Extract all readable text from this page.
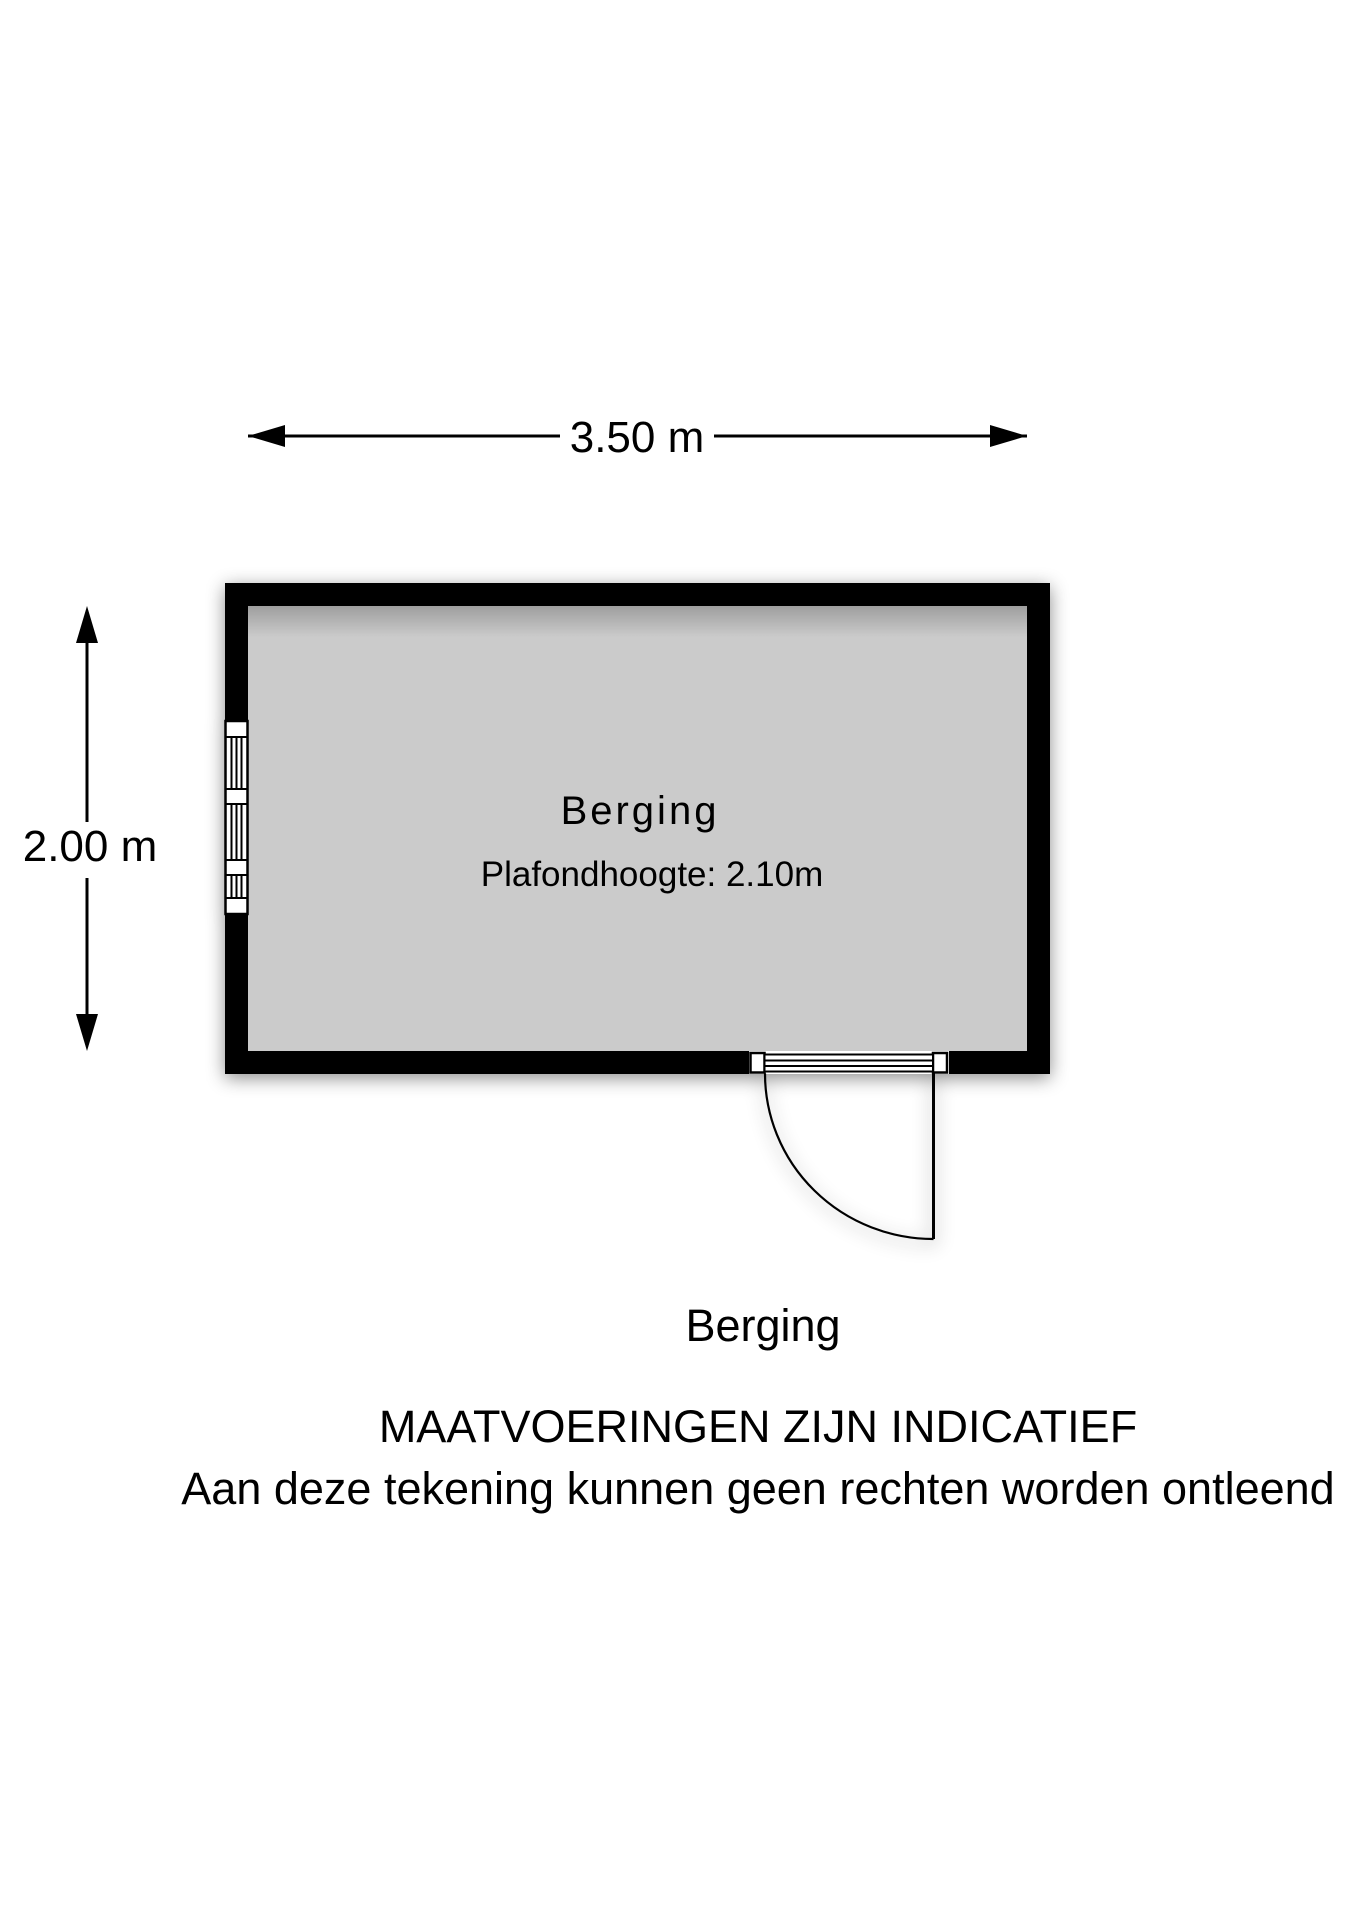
3.50 m
2.00 m
Berging
Plafondhoogte: 2.10m
Berging
MAATVOERINGEN ZIJN INDICATIEF
Aan deze tekening kunnen geen rechten worden ontleend
